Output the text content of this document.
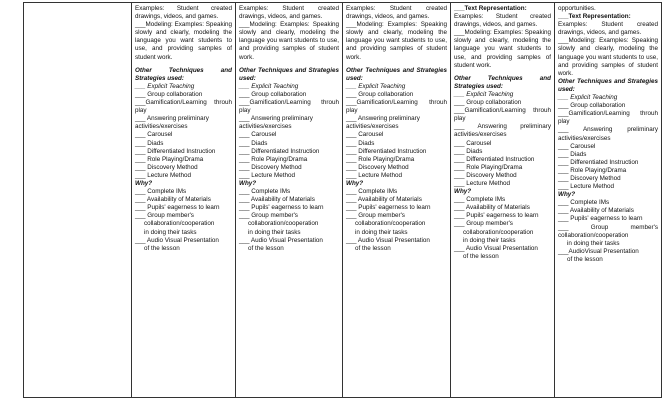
Examples: Student created drawings, videos, and games.
___Modeling: Examples: Speaking slowly and clearly, modeling the language you want students to use, and providing samples of student work.
Other Techniques and Strategies used:
___ Explicit Teaching
___ Group collaboration
___Gamification/Learning throuh play
___ Answering preliminary
activities/exercises
___ Carousel
___ Diads
___ Differentiated Instruction
___ Role Playing/Drama
___ Discovery Method
___ Lecture Method
Why?
___ Complete IMs
___ Availability of Materials
___ Pupils' eagerness to learn
___ Group member's
collaboration/cooperation
in doing their tasks
___ Audio Visual Presentation
of the lesson

Examples: Student created drawings, videos, and games.
___Modeling: Examples: Speaking slowly and clearly, modeling the language you want students to use, and providing samples of student work.
Other Techniques and Strategies used:
___ Explicit Teaching
___ Group collaboration
___Gamification/Learning throuh play
___ Answering preliminary
activities/exercises
___ Carousel
___ Diads
___ Differentiated Instruction
___ Role Playing/Drama
___ Discovery Method
___ Lecture Method
Why?
___ Complete IMs
___ Availability of Materials
___ Pupils' eagerness to learn
___ Group member's
collaboration/cooperation
in doing their tasks
___ Audio Visual Presentation
of the lesson

Examples: Student created drawings, videos, and games.
___Modeling: Examples: Speaking slowly and clearly, modeling the language you want students to use, and providing samples of student work.
Other Techniques and Strategies used:
___ Explicit Teaching
___ Group collaboration
___Gamification/Learning throuh play
___ Answering preliminary
activities/exercises
___ Carousel
___ Diads
___ Differentiated Instruction
___ Role Playing/Drama
___ Discovery Method
___ Lecture Method
Why?
___ Complete IMs
___ Availability of Materials
___ Pupils' eagerness to learn
___ Group member's
collaboration/cooperation
in doing their tasks
___ Audio Visual Presentation
of the lesson

___Text Representation:
Examples: Student created drawings, videos, and games.
___Modeling: Examples: Speaking slowly and clearly, modeling the language you want students to use, and providing samples of student work.
Other Techniques and Strategies used:
___ Explicit Teaching
___ Group collaboration
___Gamification/Learning throuh play
___ Answering preliminary activities/exercises
___ Carousel
___ Diads
___ Differentiated Instruction
___ Role Playing/Drama
___ Discovery Method
___ Lecture Method
Why?
___ Complete IMs
___ Availability of Materials
___ Pupils' eagerness to learn
___ Group member's
collaboration/cooperation
in doing their tasks
___ Audio Visual Presentation
of the lesson

opportunities.
___Text Representation:
Examples: Student created drawings, videos, and games.
___Modeling: Examples: Speaking slowly and clearly, modeling the language you want students to use, and providing samples of student work.
Other Techniques and Strategies used:
___ Explicit Teaching
___ Group collaboration
___Gamification/Learning throuh play
___ Answering preliminary activities/exercises
___ Carousel
___ Diads
___ Differentiated Instruction
___ Role Playing/Drama
___ Discovery Method
___ Lecture Method
Why?
___ Complete IMs
___ Availability of Materials
___ Pupils' eagerness to learn
___ Group member's collaboration/cooperation
in doing their tasks
___AudioVisual Presentation
of the lesson
